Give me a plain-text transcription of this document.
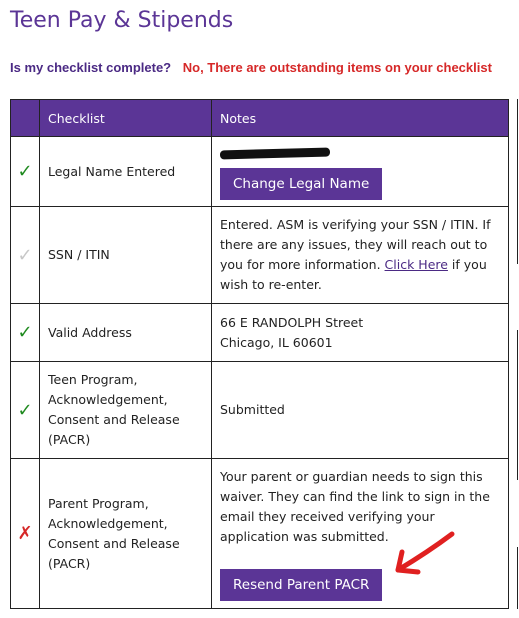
Teen Pay & Stipends
Is my checklist complete? No, There are outstanding items on your checklist
	Checklist	Notes
✓	Legal Name Entered	Change Legal Name
✓	SSN / ITIN	Entered. ASM is verifying your SSN / ITIN. If there are any issues, they will reach out to you for more information. Click Here if you wish to re-enter.
✓	Valid Address	66 E RANDOLPH Street
Chicago, IL 60601

✓	Teen Program, Acknowledgement, Consent and Release (PACR)	Submitted
✗	Parent Program, Acknowledgement, Consent and Release (PACR)	Your parent or guardian needs to sign this waiver. They can find the link to sign in the email they received verifying your application was submitted.
Resend Parent PACR
